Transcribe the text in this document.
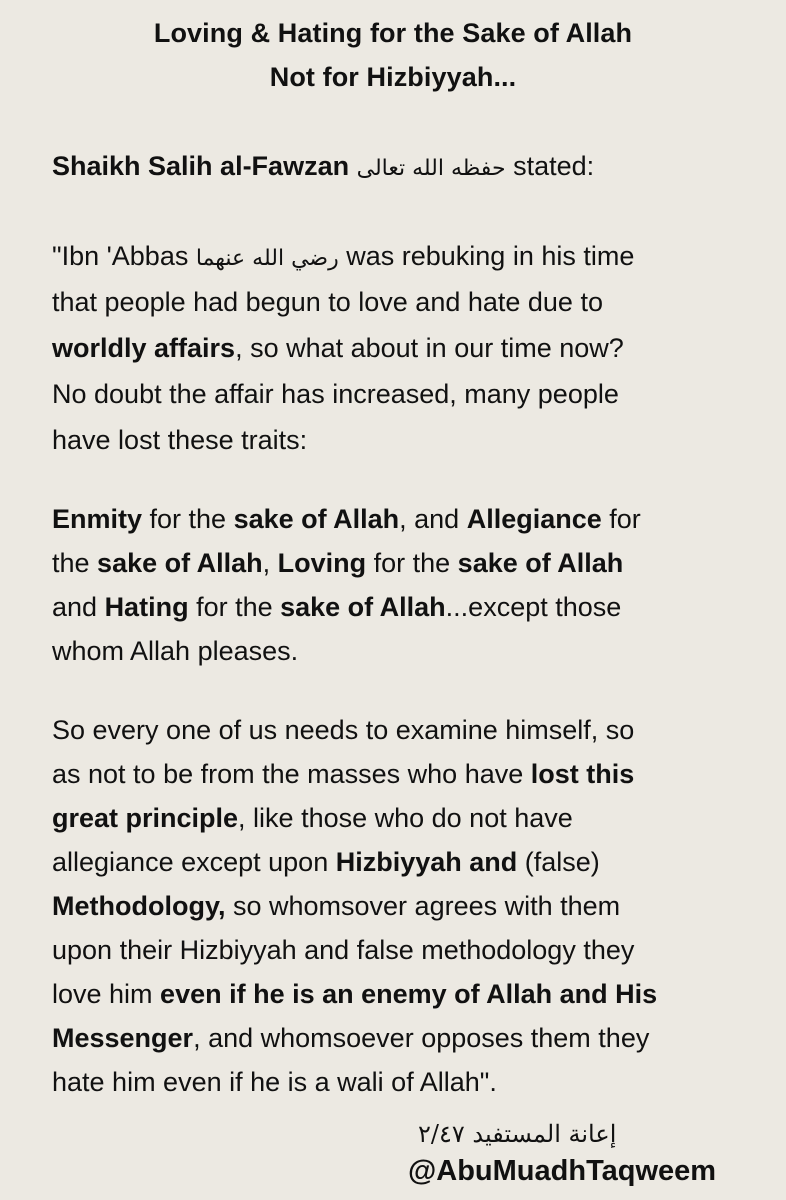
Loving & Hating for the Sake of Allah
Not for Hizbiyyah...
Shaikh Salih al-Fawzan حفظه الله تعالى stated:
"Ibn 'Abbas رضي الله عنهما was rebuking in his time
that people had begun to love and hate due to
worldly affairs, so what about in our time now?
No doubt the affair has increased, many people
have lost these traits:
Enmity for the sake of Allah, and Allegiance for
the sake of Allah, Loving for the sake of Allah
and Hating for the sake of Allah...except those
whom Allah pleases.
So every one of us needs to examine himself, so
as not to be from the masses who have lost this
great principle, like those who do not have
allegiance except upon Hizbiyyah and (false)
Methodology, so whomsover agrees with them
upon their Hizbiyyah and false methodology they
love him even if he is an enemy of Allah and His
Messenger, and whomsoever opposes them they
hate him even if he is a wali of Allah".
إعانة المستفيد ٢/٤٧
@AbuMuadhTaqweem
